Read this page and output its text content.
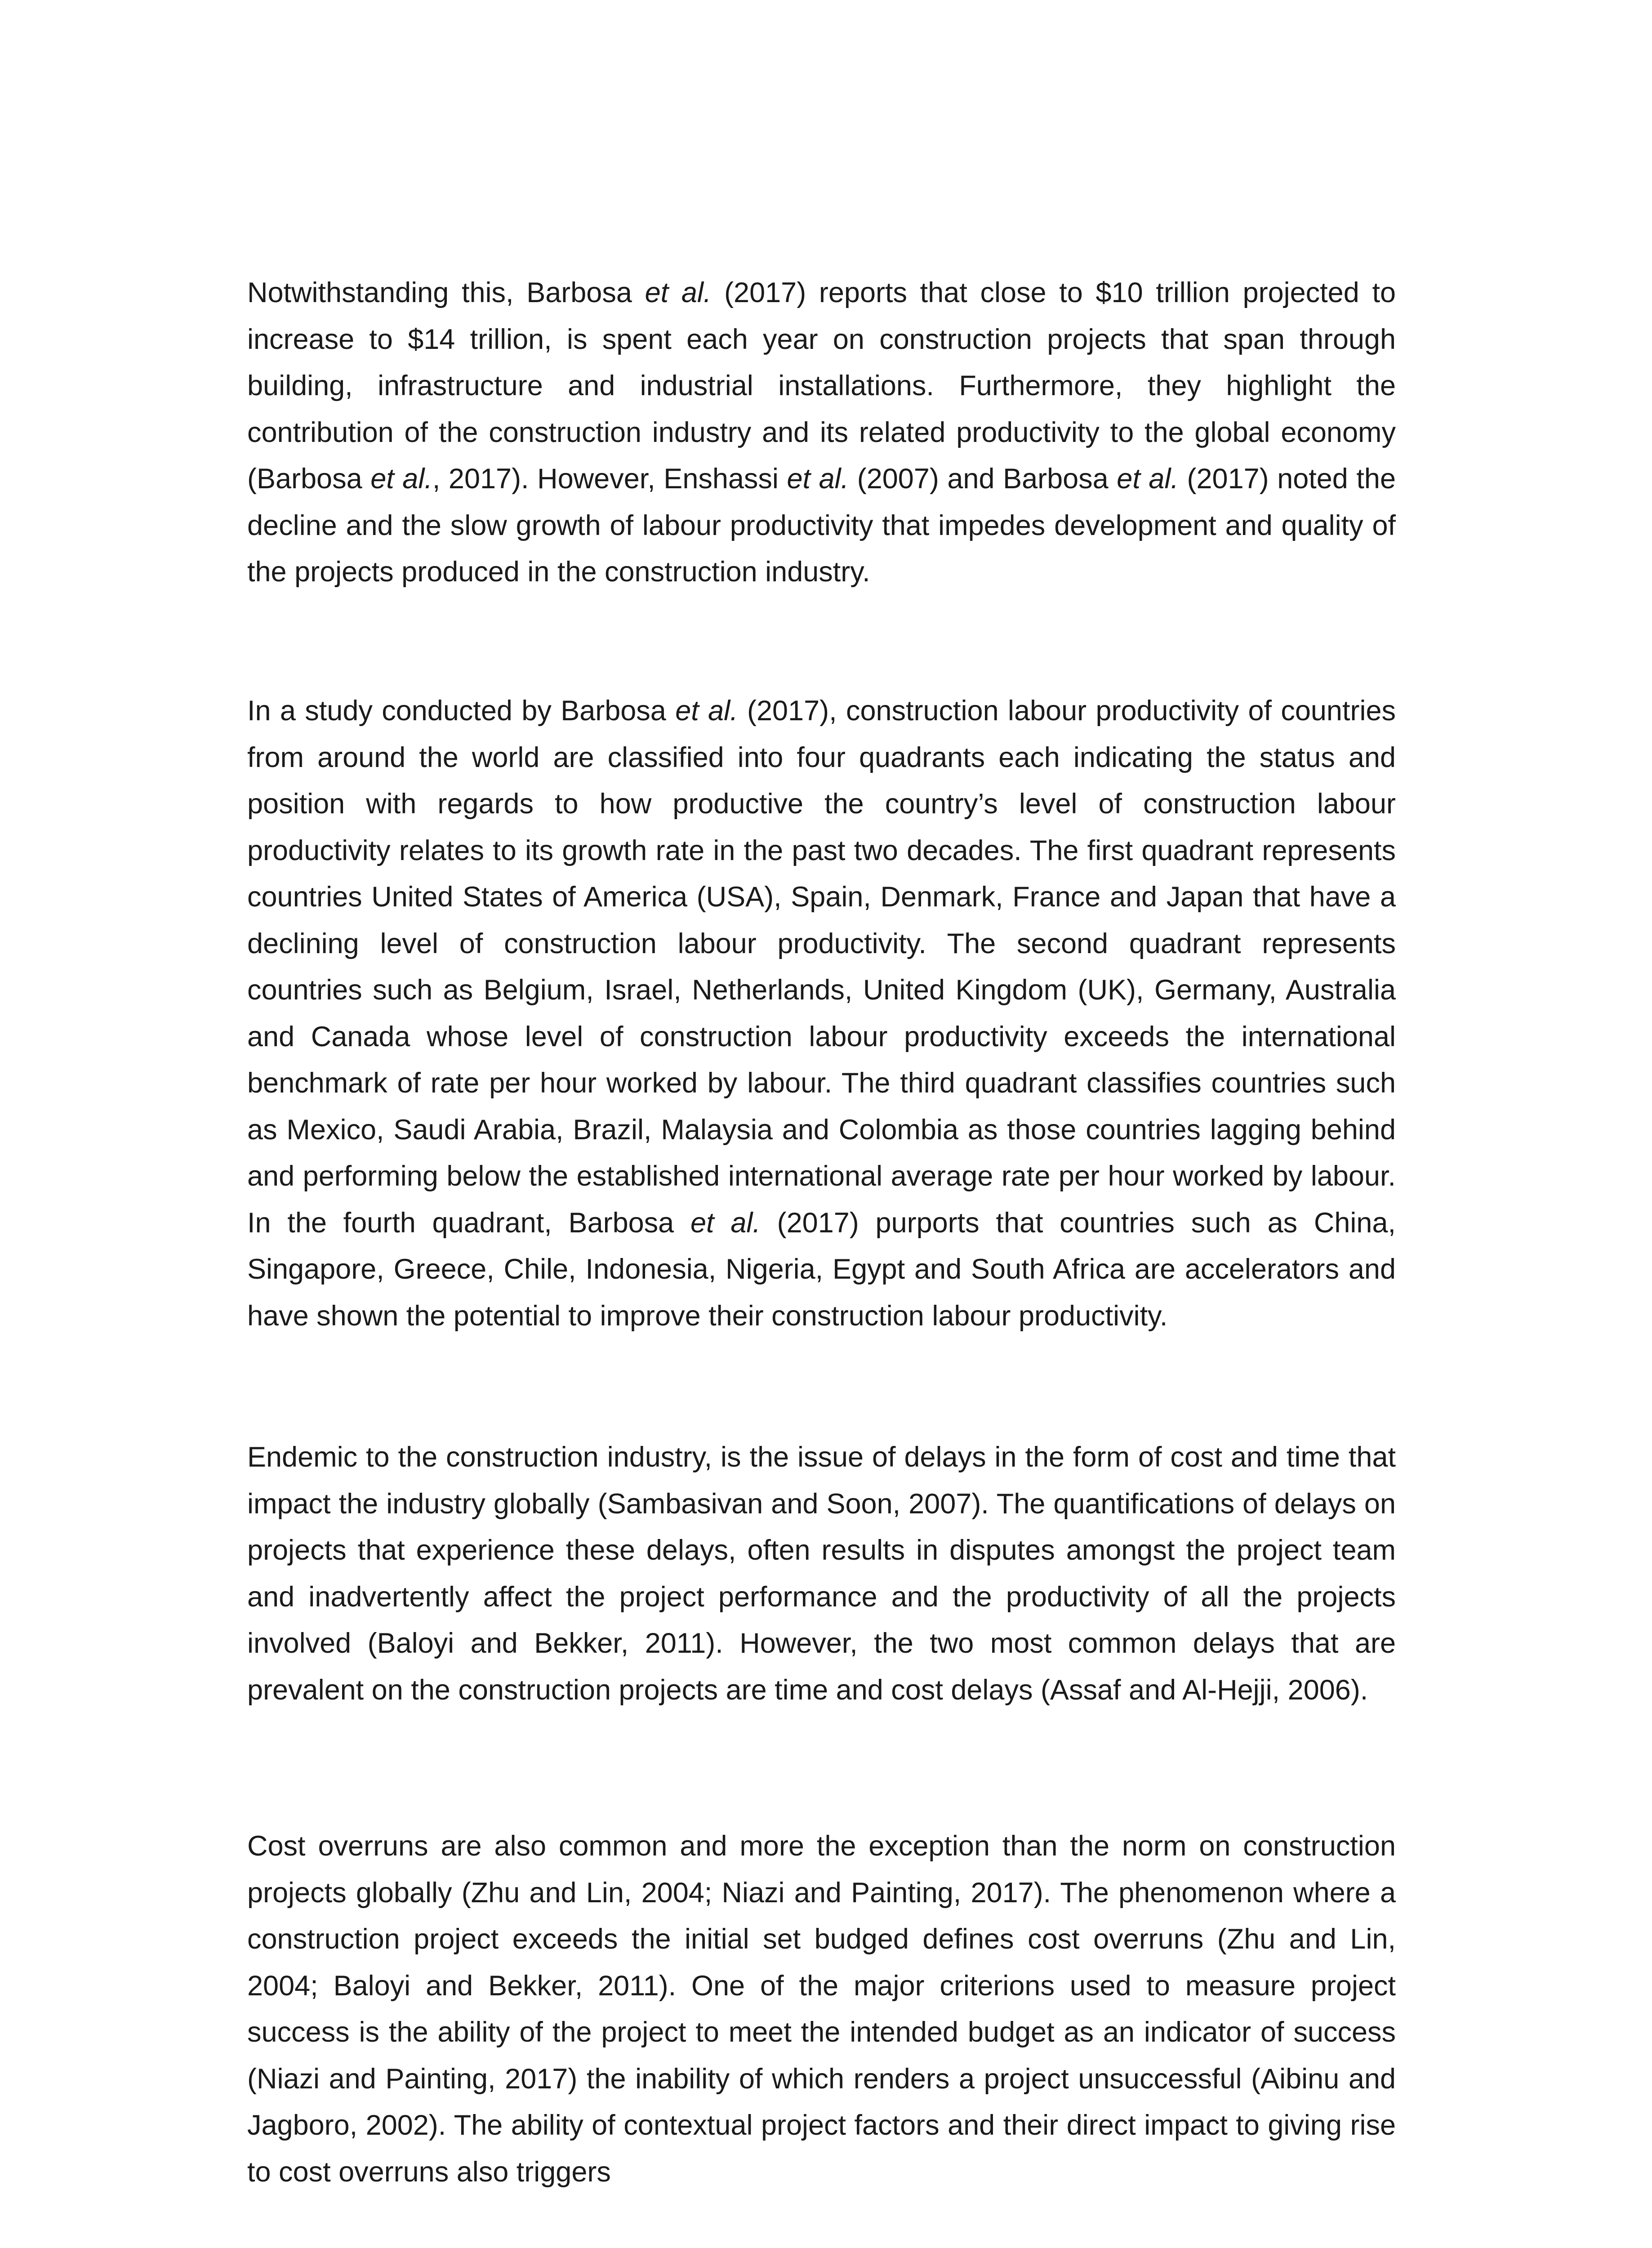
Notwithstanding this, Barbosa et al. (2017) reports that close to $10 trillion projected to increase to $14 trillion, is spent each year on construction projects that span through building, infrastructure and industrial installations. Furthermore, they highlight the contribution of the construction industry and its related productivity to the global economy (Barbosa et al., 2017). However, Enshassi et al. (2007) and Barbosa et al. (2017) noted the decline and the slow growth of labour productivity that impedes development and quality of the projects produced in the construction industry.

In a study conducted by Barbosa et al. (2017), construction labour productivity of countries from around the world are classified into four quadrants each indicating the status and position with regards to how productive the country’s level of construction labour productivity relates to its growth rate in the past two decades. The first quadrant represents countries United States of America (USA), Spain, Denmark, France and Japan that have a declining level of construction labour productivity. The second quadrant represents countries such as Belgium, Israel, Netherlands, United Kingdom (UK), Germany, Australia and Canada whose level of construction labour productivity exceeds the international benchmark of rate per hour worked by labour. The third quadrant classifies countries such as Mexico, Saudi Arabia, Brazil, Malaysia and Colombia as those countries lagging behind and performing below the established international average rate per hour worked by labour. In the fourth quadrant, Barbosa et al. (2017) purports that countries such as China, Singapore, Greece, Chile, Indonesia, Nigeria, Egypt and South Africa are accelerators and have shown the potential to improve their construction labour productivity.

Endemic to the construction industry, is the issue of delays in the form of cost and time that impact the industry globally (Sambasivan and Soon, 2007). The quantifications of delays on projects that experience these delays, often results in disputes amongst the project team and inadvertently affect the project performance and the productivity of all the projects involved (Baloyi and Bekker, 2011). However, the two most common delays that are prevalent on the construction projects are time and cost delays (Assaf and Al-Hejji, 2006).

Cost overruns are also common and more the exception than the norm on construction projects globally (Zhu and Lin, 2004; Niazi and Painting, 2017). The phenomenon where a construction project exceeds the initial set budged defines cost overruns (Zhu and Lin, 2004; Baloyi and Bekker, 2011). One of the major criterions used to measure project success is the ability of the project to meet the intended budget as an indicator of success (Niazi and Painting, 2017) the inability of which renders a project unsuccessful (Aibinu and Jagboro, 2002). The ability of contextual project factors and their direct impact to giving rise to cost overruns also triggers
